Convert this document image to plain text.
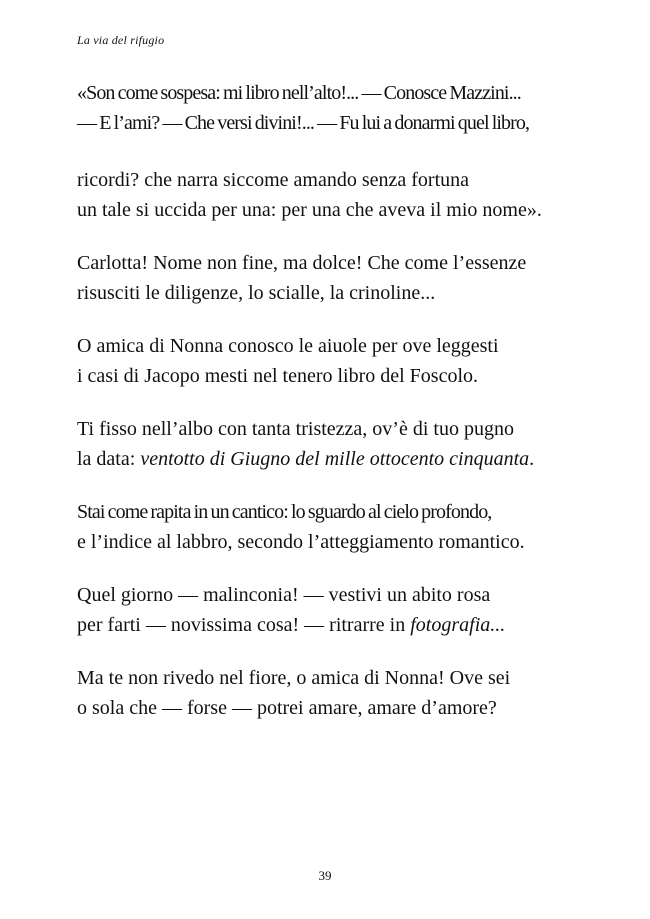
La via del rifugio
«Son come sospesa: mi libro nell’alto!... — Conosce Mazzini...
— E l’ami? — Che versi divini!... — Fu lui a donarmi quel libro,
ricordi? che narra siccome amando senza fortuna
un tale si uccida per una: per una che aveva il mio nome».
Carlotta! Nome non fine, ma dolce! Che come l’essenze
risusciti le diligenze, lo scialle, la crinoline...
O amica di Nonna conosco le aiuole per ove leggesti
i casi di Jacopo mesti nel tenero libro del Foscolo.
Ti fisso nell’albo con tanta tristezza, ov’è di tuo pugno
la data: ventotto di Giugno del mille ottocento cinquanta.
Stai come rapita in un cantico: lo sguardo al cielo profondo,
e l’indice al labbro, secondo l’atteggiamento romantico.
Quel giorno — malinconia! — vestivi un abito rosa
per farti — novissima cosa! — ritrarre in fotografia...
Ma te non rivedo nel fiore, o amica di Nonna! Ove sei
o sola che — forse — potrei amare, amare d’amore?
39
